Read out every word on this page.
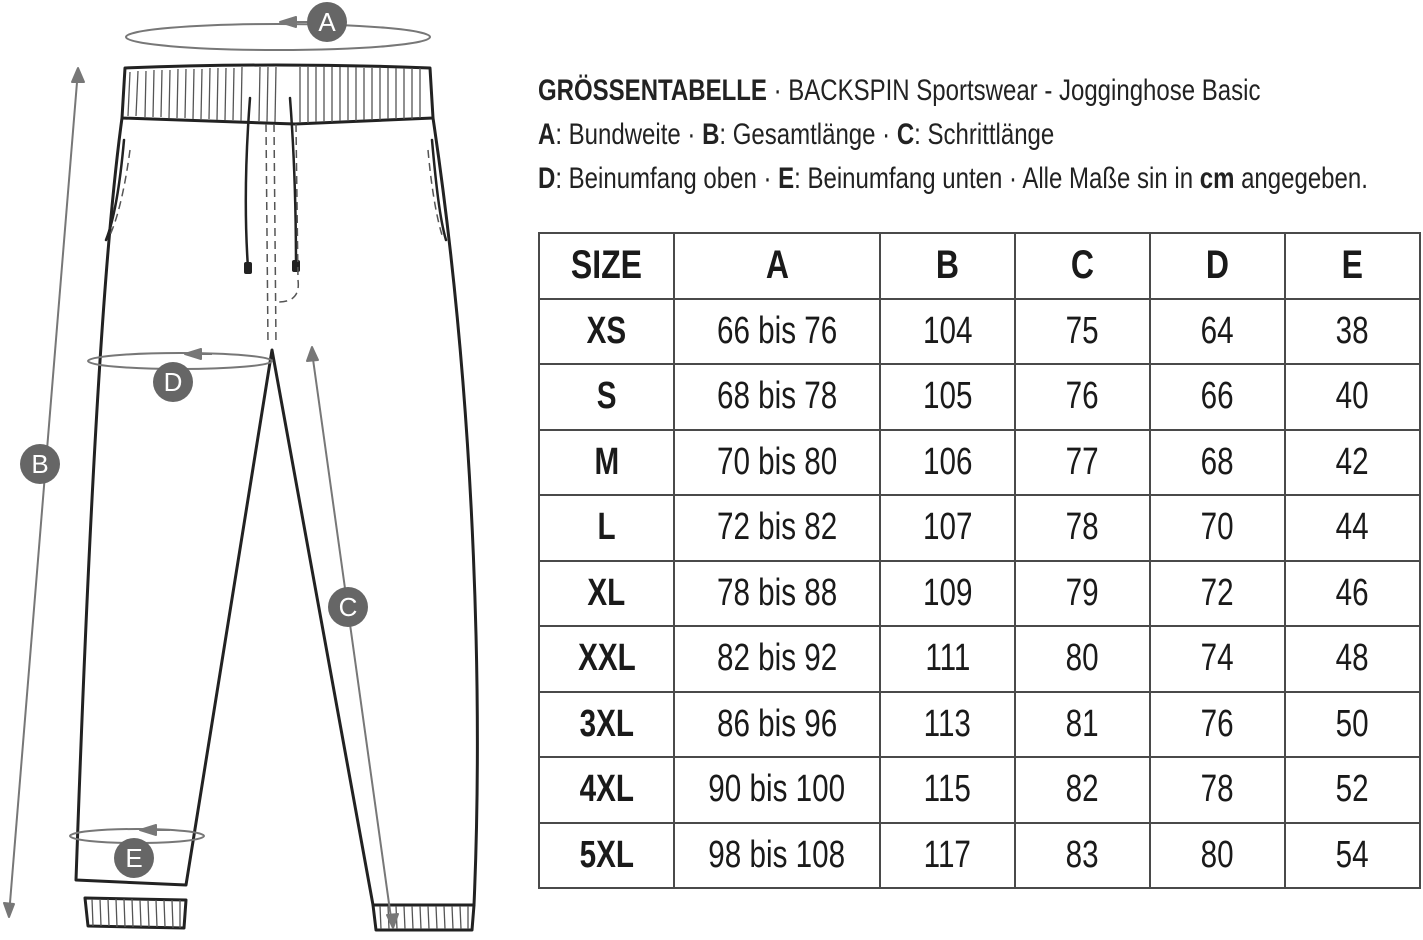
A
B
C
D
E
GRÖSSENTABELLE · BACKSPIN Sportswear - Jogginghose Basic
A: Bundweite · B: Gesamtlänge · C: Schrittlänge
D: Beinumfang oben · E: Beinumfang unten · Alle Maße sin in cm angegeben.
SIZE	A	B	C	D	E
XS	66 bis 76	104	75	64	38
S	68 bis 78	105	76	66	40
M	70 bis 80	106	77	68	42
L	72 bis 82	107	78	70	44
XL	78 bis 88	109	79	72	46
XXL	82 bis 92	111	80	74	48
3XL	86 bis 96	113	81	76	50
4XL	90 bis 100	115	82	78	52
5XL	98 bis 108	117	83	80	54
